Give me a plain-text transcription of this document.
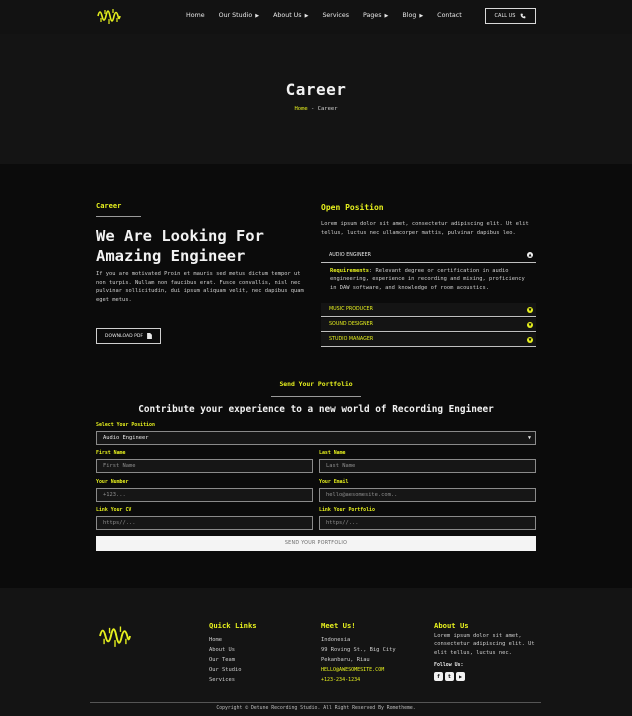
Home Our Studio ▶ About Us ▶ Services Pages ▶ Blog ▶ Contact	CALL US
Career
Home - Career
Career
We Are Looking For Amazing Engineer

If you are motivated Proin et mauris sed metus dictum tempor ut non turpis. Nullam non faucibus erat. Fusce convallis, nisl nec pulvinar sollicitudin, dui ipsum aliquam velit, nec dapibus quam eget metus.

DOWNLOAD PDF
Open Position

Lorem ipsum dolor sit amet, consectetur adipiscing elit. Ut elit tellus, luctus nec ullamcorper mattis, pulvinar dapibus leo.

AUDIO ENGINEER	▲

Requirements: Relevant degree or certification in audio engineering, experience in recording and mixing, proficiency in DAW software, and knowledge of room acoustics.

MUSIC PRODUCER	▼
SOUND DESIGNER	▼
STUDIO MANAGER	▼
Send Your Portfolio
Contribute your experience to a new world of Recording Engineer
Select Your Position
Audio Engineer	▼
First Name
First Name
Last Name
Last Name
Your Number
+123...
Your Email
hello@aesomesite.com..
Link Your CV
https//...
Link Your Portfolio
https//...
SEND YOUR PORTFOLIO
Quick Links
Home
About Us
Our Team
Our Studio
Services
Meet Us!
Indonesia
99 Roving St., Big City
Pekanbaru, Riau
HELLO@AWESOMESITE.COM
+123-234-1234
About Us

Lorem ipsum dolor sit amet, consectetur adipiscing elit. Ut elit tellus, luctus nec.

Follow Us:
f	t	▶
Copyright © Detune Recording Studio. All Right Reserved By Rometheme.
